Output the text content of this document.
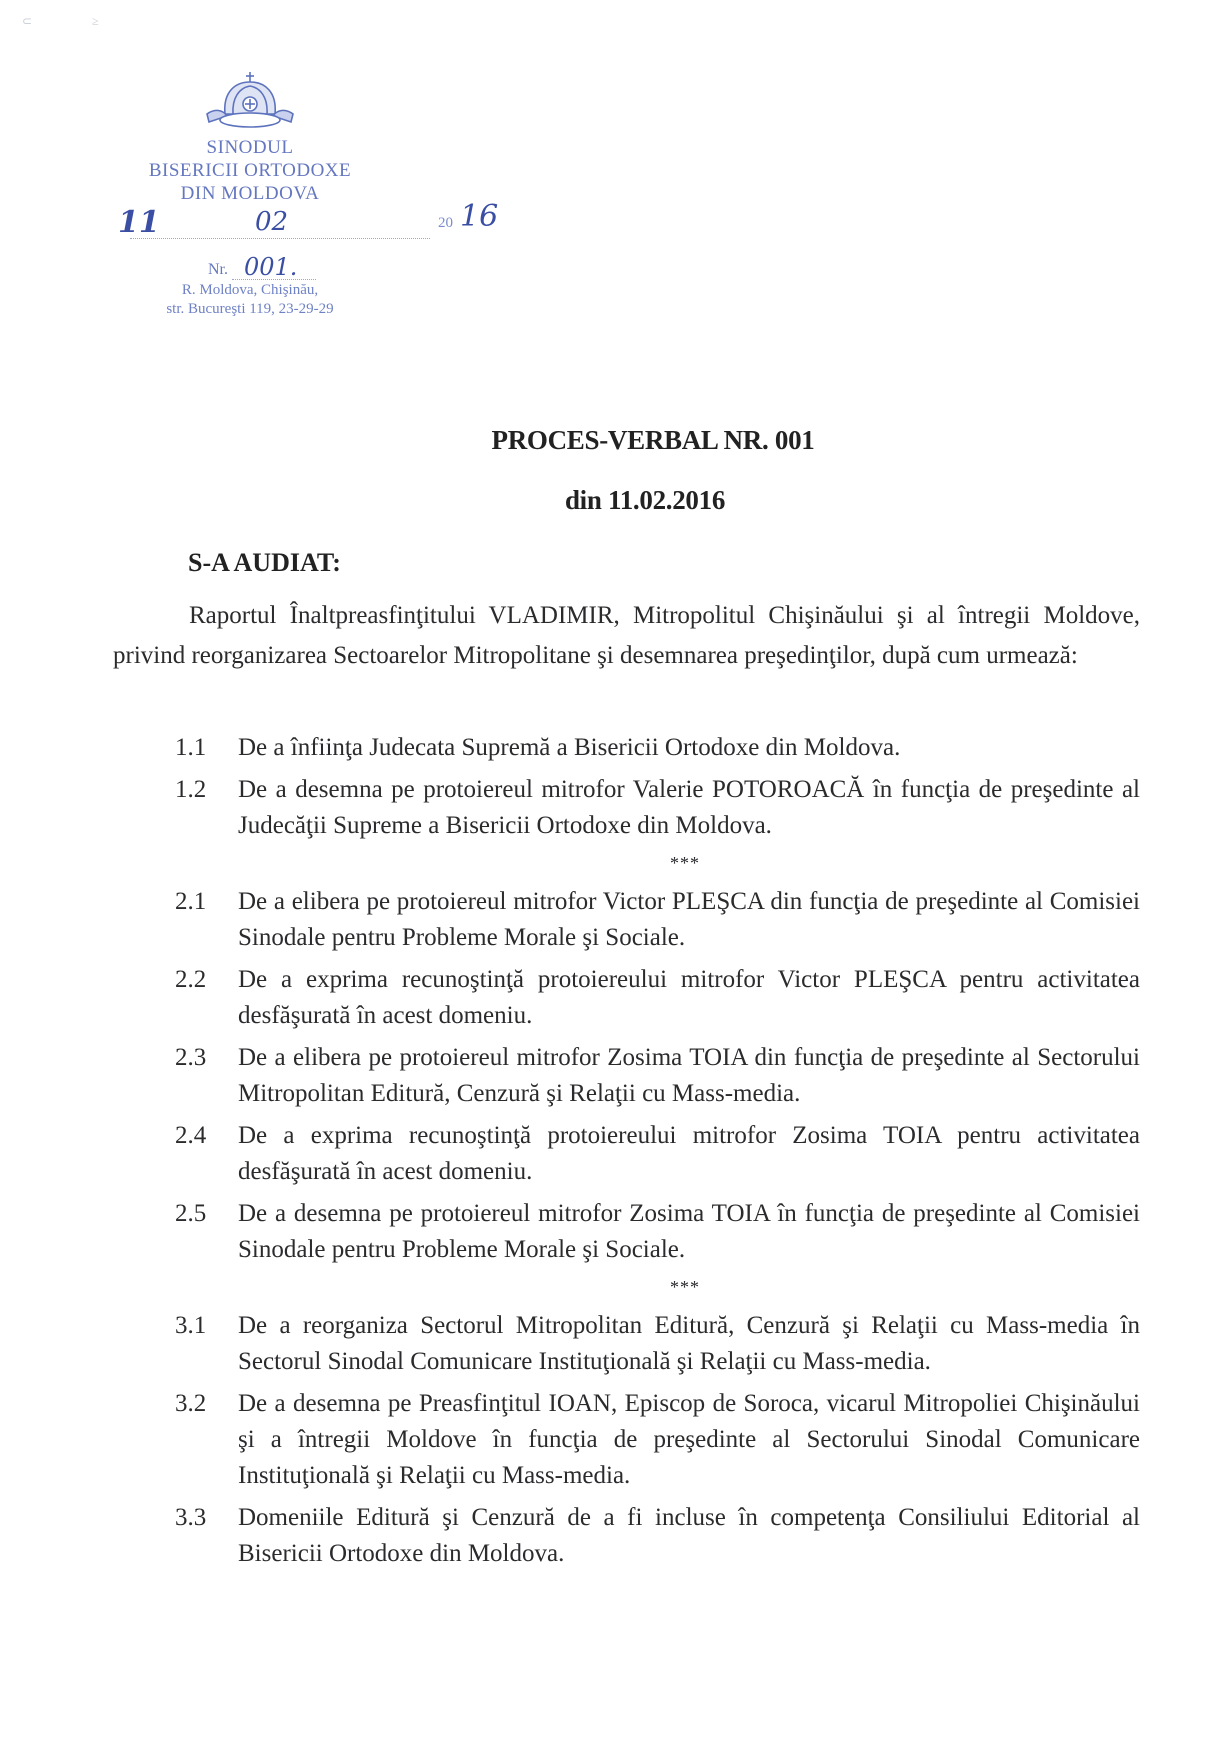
⊂	≥
SINODUL
BISERICII ORTODOXE
DIN MOLDOVA
11	02	20 16
Nr. 001.
R. Moldova, Chişinău,
str. Bucureşti 119, 23-29-29
PROCES-VERBAL NR. 001
din 11.02.2016
S-A AUDIAT:

Raportul Înaltpreasfinţitului VLADIMIR, Mitropolitul Chişinăului şi al întregii Moldove, privind reorganizarea Sectoarelor Mitropolitane şi desemnarea preşedinţilor, după cum urmează:

1.1	De a înfiinţa Judecata Supremă a Bisericii Ortodoxe din Moldova.
1.2	De a desemna pe protoiereul mitrofor Valerie POTOROACĂ în funcţia de preşedinte al Judecăţii Supreme a Bisericii Ortodoxe din Moldova.
***
2.1	De a elibera pe protoiereul mitrofor Victor PLEŞCA din funcţia de preşedinte al Comisiei Sinodale pentru Probleme Morale şi Sociale.
2.2	De a exprima recunoştinţă protoiereului mitrofor Victor PLEŞCA pentru activitatea desfăşurată în acest domeniu.
2.3	De a elibera pe protoiereul mitrofor Zosima TOIA din funcţia de preşedinte al Sectorului Mitropolitan Editură, Cenzură şi Relaţii cu Mass-media.
2.4	De a exprima recunoştinţă protoiereului mitrofor Zosima TOIA pentru activitatea desfăşurată în acest domeniu.
2.5	De a desemna pe protoiereul mitrofor Zosima TOIA în funcţia de preşedinte al Comisiei Sinodale pentru Probleme Morale şi Sociale.
***
3.1	De a reorganiza Sectorul Mitropolitan Editură, Cenzură şi Relaţii cu Mass-media în Sectorul Sinodal Comunicare Instituţională şi Relaţii cu Mass-media.
3.2	De a desemna pe Preasfinţitul IOAN, Episcop de Soroca, vicarul Mitropoliei Chişinăului şi a întregii Moldove în funcţia de preşedinte al Sectorului Sinodal Comunicare Instituţională şi Relaţii cu Mass-media.
3.3	Domeniile Editură şi Cenzură de a fi incluse în competenţa Consiliului Editorial al Bisericii Ortodoxe din Moldova.
